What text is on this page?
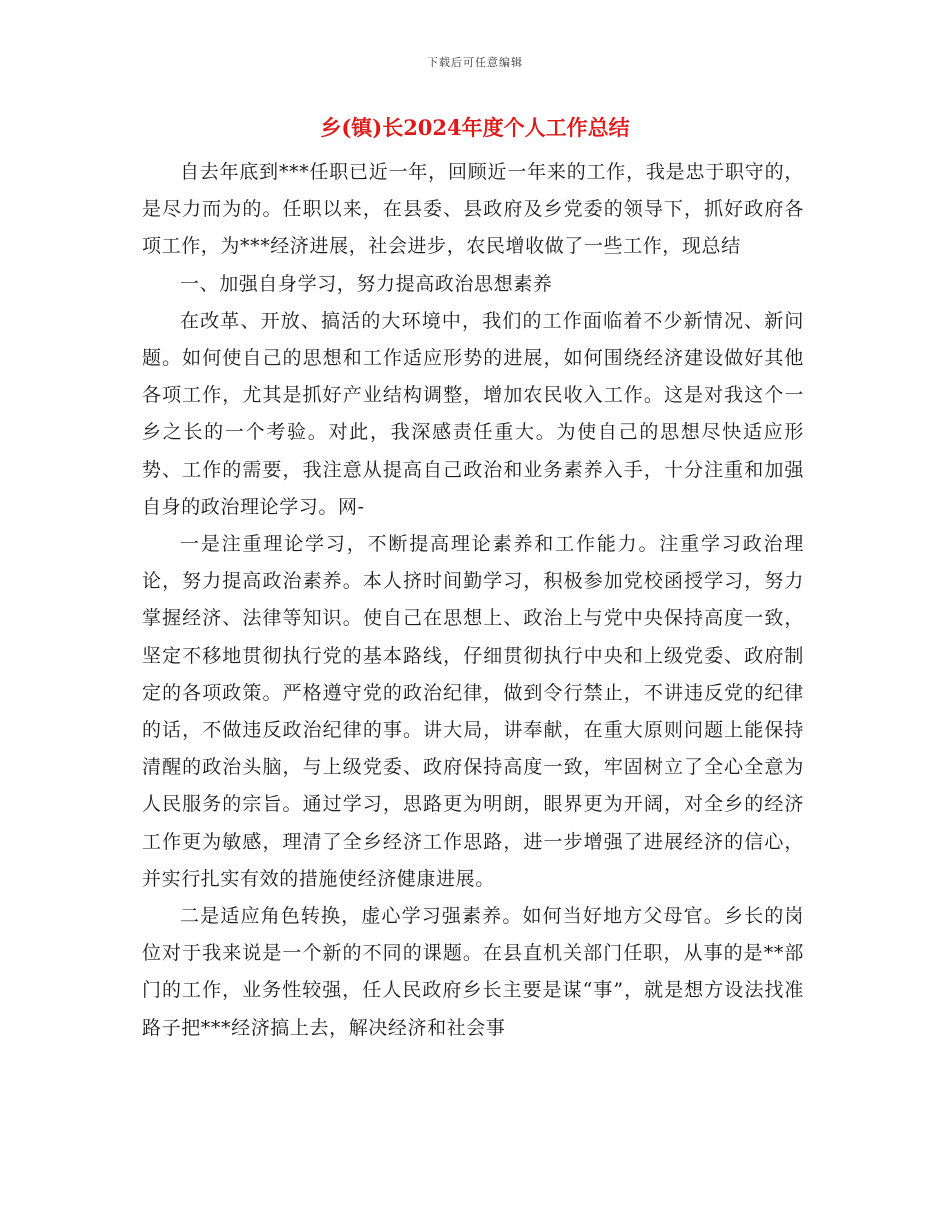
下载后可任意编辑
乡(镇)长2024年度个人工作总结

自去年底到***任职已近一年，回顾近一年来的工作，我是忠于职守的，是尽力而为的。任职以来，在县委、县政府及乡党委的领导下，抓好政府各项工作，为***经济进展，社会进步，农民增收做了一些工作，现总结

一、加强自身学习，努力提高政治思想素养

在改革、开放、搞活的大环境中，我们的工作面临着不少新情况、新问题。如何使自己的思想和工作适应形势的进展，如何围绕经济建设做好其他各项工作，尤其是抓好产业结构调整，增加农民收入工作。这是对我这个一乡之长的一个考验。对此，我深感责任重大。为使自己的思想尽快适应形势、工作的需要，我注意从提高自己政治和业务素养入手，十分注重和加强自身的政治理论学习。网-

一是注重理论学习，不断提高理论素养和工作能力。注重学习政治理论，努力提高政治素养。本人挤时间勤学习，积极参加党校函授学习，努力掌握经济、法律等知识。使自己在思想上、政治上与党中央保持高度一致，坚定不移地贯彻执行党的基本路线，仔细贯彻执行中央和上级党委、政府制定的各项政策。严格遵守党的政治纪律，做到令行禁止，不讲违反党的纪律的话，不做违反政治纪律的事。讲大局，讲奉献，在重大原则问题上能保持清醒的政治头脑，与上级党委、政府保持高度一致，牢固树立了全心全意为人民服务的宗旨。通过学习，思路更为明朗，眼界更为开阔，对全乡的经济工作更为敏感，理清了全乡经济工作思路，进一步增强了进展经济的信心，并实行扎实有效的措施使经济健康进展。

二是适应角色转换，虚心学习强素养。如何当好地方父母官。乡长的岗位对于我来说是一个新的不同的课题。在县直机关部门任职，从事的是**部门的工作，业务性较强，任人民政府乡长主要是谋“事”，就是想方设法找准路子把***经济搞上去，解决经济和社会事
